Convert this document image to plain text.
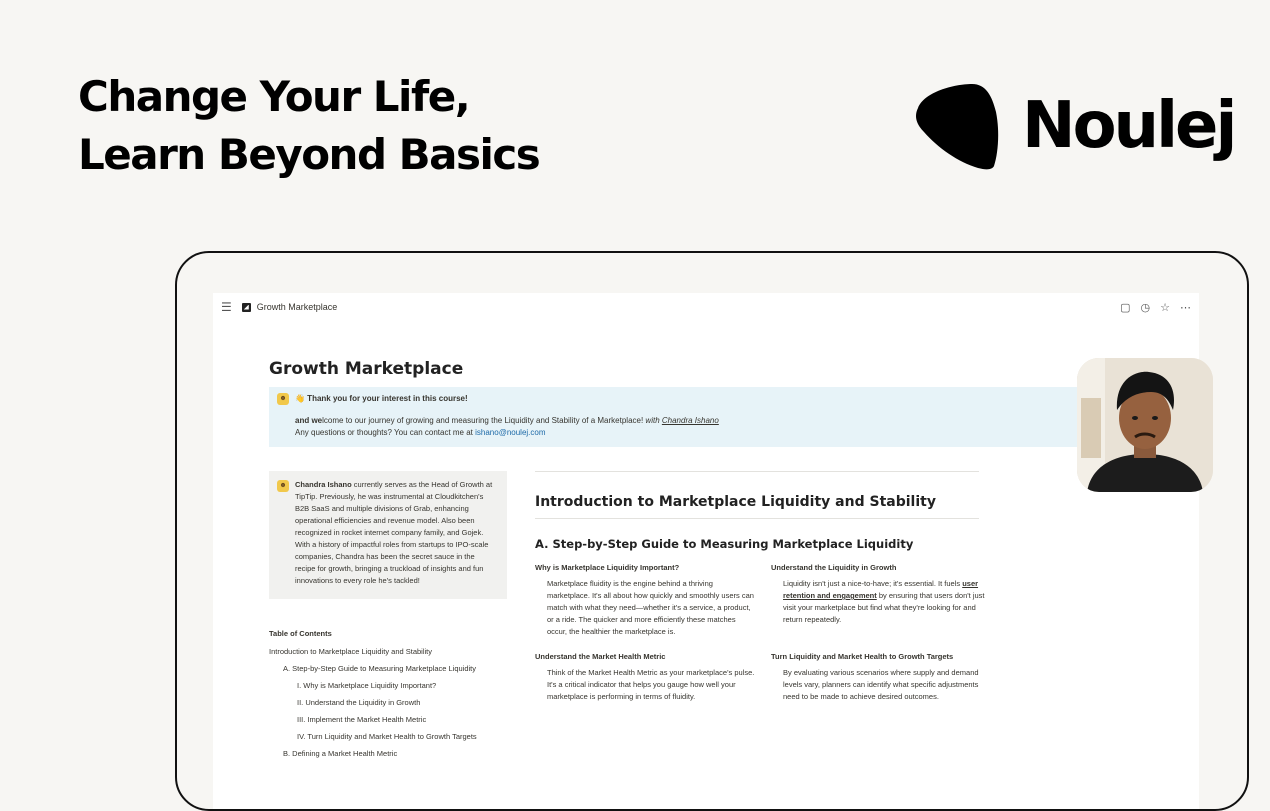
Change Your Life,
Learn Beyond Basics	Noulej
☰	Growth Marketplace	▢ ◷ ☆ ⋯
Growth Marketplace
☻ 👋 Thank you for your interest in this course!
and welcome to our journey of growing and measuring the Liquidity and Stability of a Marketplace! with Chandra Ishano
Any questions or thoughts? You can contact me at ishano@noulej.com
☻	Chandra Ishano currently serves as the Head of Growth at TipTip. Previously, he was instrumental at Cloudkitchen's B2B SaaS and multiple divisions of Grab, enhancing operational efficiencies and revenue model. Also been recognized in rocket internet company family, and Gojek. With a history of impactful roles from startups to IPO-scale companies, Chandra has been the secret sauce in the recipe for growth, bringing a truckload of insights and fun innovations to every role he's tackled!

Table of Contents
Introduction to Marketplace Liquidity and Stability
A. Step-by-Step Guide to Measuring Marketplace Liquidity
I. Why is Marketplace Liquidity Important?
II. Understand the Liquidity in Growth
III. Implement the Market Health Metric
IV. Turn Liquidity and Market Health to Growth Targets
B. Defining a Market Health Metric
Introduction to Marketplace Liquidity and Stability
A. Step-by-Step Guide to Measuring Marketplace Liquidity
Why is Marketplace Liquidity Important?

Marketplace fluidity is the engine behind a thriving marketplace. It's all about how quickly and smoothly users can match with what they need—whether it's a service, a product, or a ride. The quicker and more efficiently these matches occur, the healthier the marketplace is.

Understand the Liquidity in Growth

Liquidity isn't just a nice-to-have; it's essential. It fuels user retention and engagement by ensuring that users don't just visit your marketplace but find what they're looking for and return repeatedly.

Understand the Market Health Metric

Think of the Market Health Metric as your marketplace's pulse. It's a critical indicator that helps you gauge how well your marketplace is performing in terms of fluidity.

Turn Liquidity and Market Health to Growth Targets

By evaluating various scenarios where supply and demand levels vary, planners can identify what specific adjustments need to be made to achieve desired outcomes.
